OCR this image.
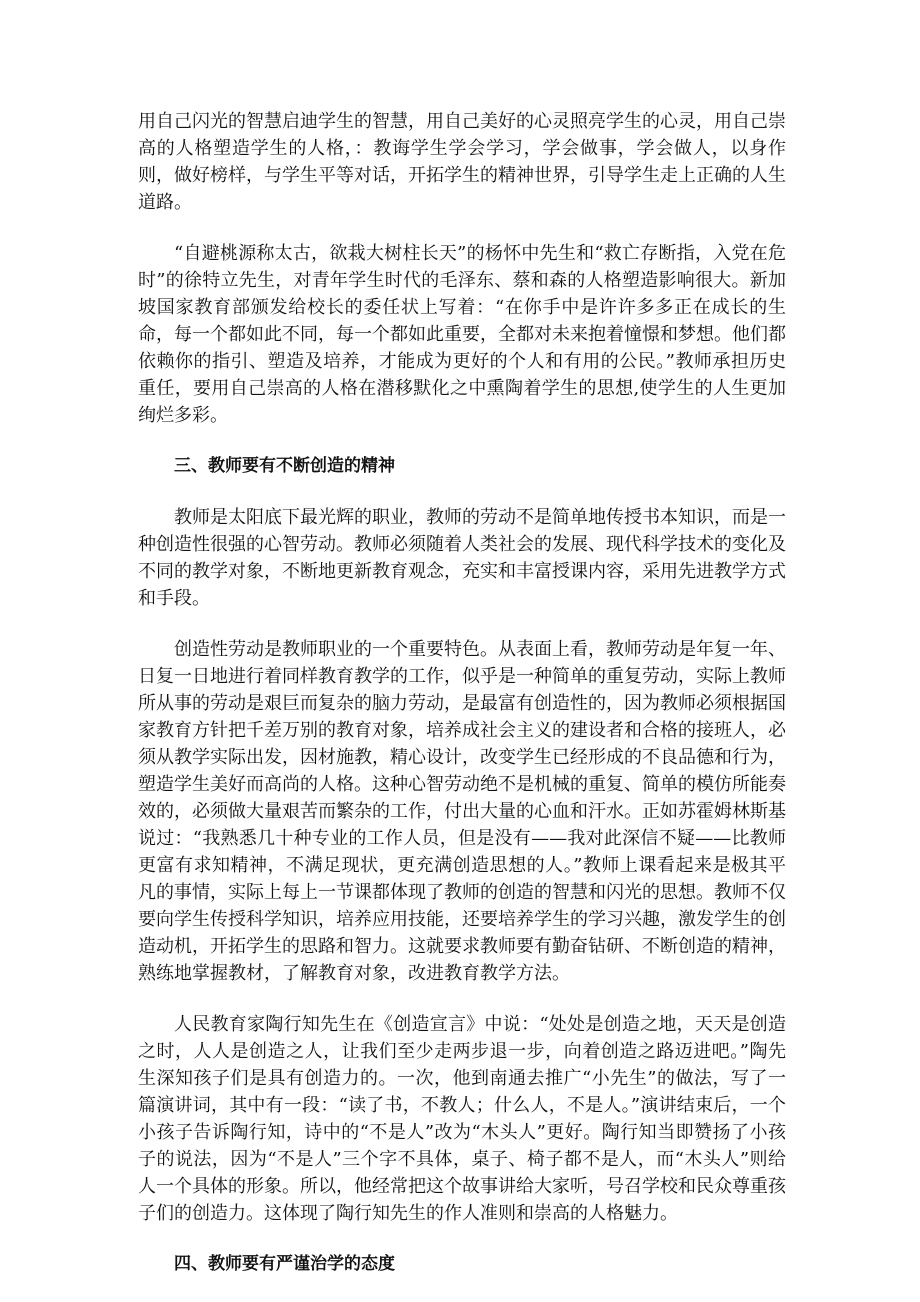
用自己闪光的智慧启迪学生的智慧，用自己美好的心灵照亮学生的心灵，用自己崇高的人格塑造学生的人格，：教诲学生学会学习，学会做事，学会做人，以身作则，做好榜样，与学生平等对话，开拓学生的精神世界，引导学生走上正确的人生道路。

“自避桃源称太古，欲栽大树柱长天”的杨怀中先生和“救亡存断指，入党在危时”的徐特立先生，对青年学生时代的毛泽东、蔡和森的人格塑造影响很大。新加坡国家教育部颁发给校长的委任状上写着：“在你手中是许许多多正在成长的生命，每一个都如此不同，每一个都如此重要，全都对未来抱着憧憬和梦想。他们都依赖你的指引、塑造及培养，才能成为更好的个人和有用的公民。”教师承担历史重任，要用自己崇高的人格在潜移默化之中熏陶着学生的思想,使学生的人生更加绚烂多彩。

三、教师要有不断创造的精神

教师是太阳底下最光辉的职业，教师的劳动不是简单地传授书本知识，而是一种创造性很强的心智劳动。教师必须随着人类社会的发展、现代科学技术的变化及不同的教学对象，不断地更新教育观念，充实和丰富授课内容，采用先进教学方式和手段。

创造性劳动是教师职业的一个重要特色。从表面上看，教师劳动是年复一年、日复一日地进行着同样教育教学的工作，似乎是一种简单的重复劳动，实际上教师所从事的劳动是艰巨而复杂的脑力劳动，是最富有创造性的，因为教师必须根据国家教育方针把千差万别的教育对象，培养成社会主义的建设者和合格的接班人，必须从教学实际出发，因材施教，精心设计，改变学生已经形成的不良品德和行为，塑造学生美好而高尚的人格。这种心智劳动绝不是机械的重复、简单的模仿所能奏效的，必须做大量艰苦而繁杂的工作，付出大量的心血和汗水。正如苏霍姆林斯基说过：“我熟悉几十种专业的工作人员，但是没有——我对此深信不疑——比教师更富有求知精神，不满足现状，更充满创造思想的人。”教师上课看起来是极其平凡的事情，实际上每上一节课都体现了教师的创造的智慧和闪光的思想。教师不仅要向学生传授科学知识，培养应用技能，还要培养学生的学习兴趣，激发学生的创造动机，开拓学生的思路和智力。这就要求教师要有勤奋钻研、不断创造的精神，熟练地掌握教材，了解教育对象，改进教育教学方法。

人民教育家陶行知先生在《创造宣言》中说：“处处是创造之地，天天是创造之时，人人是创造之人，让我们至少走两步退一步，向着创造之路迈进吧。”陶先生深知孩子们是具有创造力的。一次，他到南通去推广“小先生”的做法，写了一篇演讲词，其中有一段：“读了书，不教人；什么人，不是人。”演讲结束后，一个小孩子告诉陶行知，诗中的“不是人”改为“木头人”更好。陶行知当即赞扬了小孩子的说法，因为“不是人”三个字不具体，桌子、椅子都不是人，而“木头人”则给人一个具体的形象。所以，他经常把这个故事讲给大家听，号召学校和民众尊重孩子们的创造力。这体现了陶行知先生的作人准则和崇高的人格魅力。

四、教师要有严谨治学的态度
